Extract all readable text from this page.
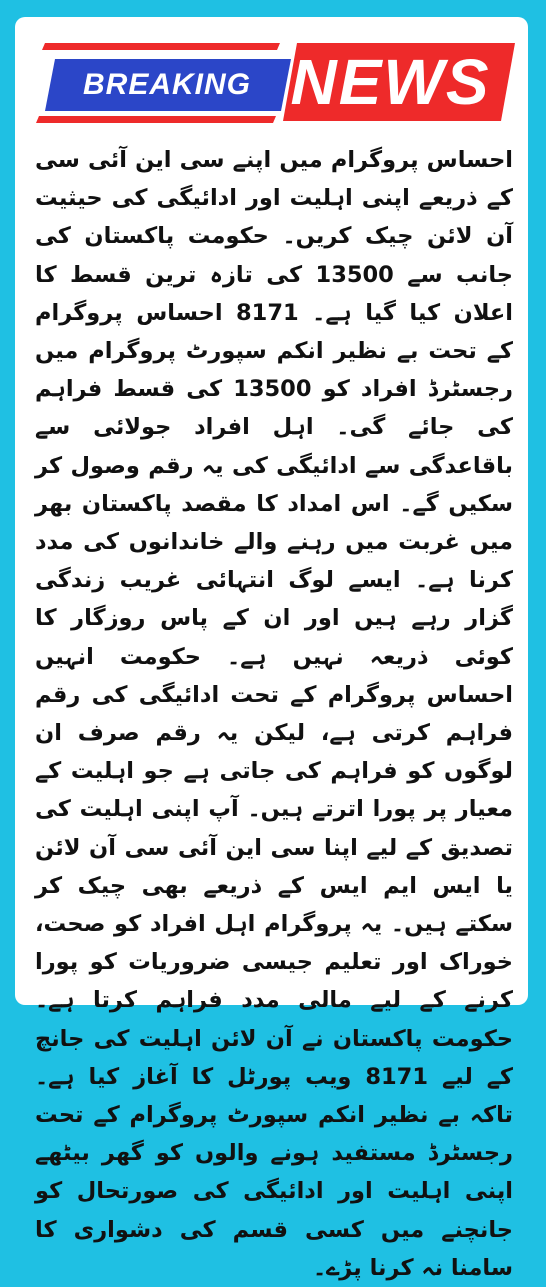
BREAKING NEWS

احساس پروگرام میں اپنے سی این آئی سی کے ذریعے اپنی اہلیت اور ادائیگی کی حیثیت آن لائن چیک کریں۔ حکومت پاکستان کی جانب سے 13500 کی تازہ ترین قسط کا اعلان کیا گیا ہے۔ 8171 احساس پروگرام کے تحت بے نظیر انکم سپورٹ پروگرام میں رجسٹرڈ افراد کو 13500 کی قسط فراہم کی جائے گی۔ اہل افراد جولائی سے باقاعدگی سے ادائیگی کی یہ رقم وصول کر سکیں گے۔ اس امداد کا مقصد پاکستان بھر میں غربت میں رہنے والے خاندانوں کی مدد کرنا ہے۔ ایسے لوگ انتہائی غریب زندگی گزار رہے ہیں اور ان کے پاس روزگار کا کوئی ذریعہ نہیں ہے۔ حکومت انہیں احساس پروگرام کے تحت ادائیگی کی رقم فراہم کرتی ہے، لیکن یہ رقم صرف ان لوگوں کو فراہم کی جاتی ہے جو اہلیت کے معیار پر پورا اترتے ہیں۔ آپ اپنی اہلیت کی تصدیق کے لیے اپنا سی این آئی سی آن لائن یا ایس ایم ایس کے ذریعے بھی چیک کر سکتے ہیں۔ یہ پروگرام اہل افراد کو صحت، خوراک اور تعلیم جیسی ضروریات کو پورا کرنے کے لیے مالی مدد فراہم کرتا ہے۔ حکومت پاکستان نے آن لائن اہلیت کی جانچ کے لیے 8171 ویب پورٹل کا آغاز کیا ہے۔ تاکہ بے نظیر انکم سپورٹ پروگرام کے تحت رجسٹرڈ مستفید ہونے والوں کو گھر بیٹھے اپنی اہلیت اور ادائیگی کی صورتحال کو جانچنے میں کسی قسم کی دشواری کا سامنا نہ کرنا پڑے۔
